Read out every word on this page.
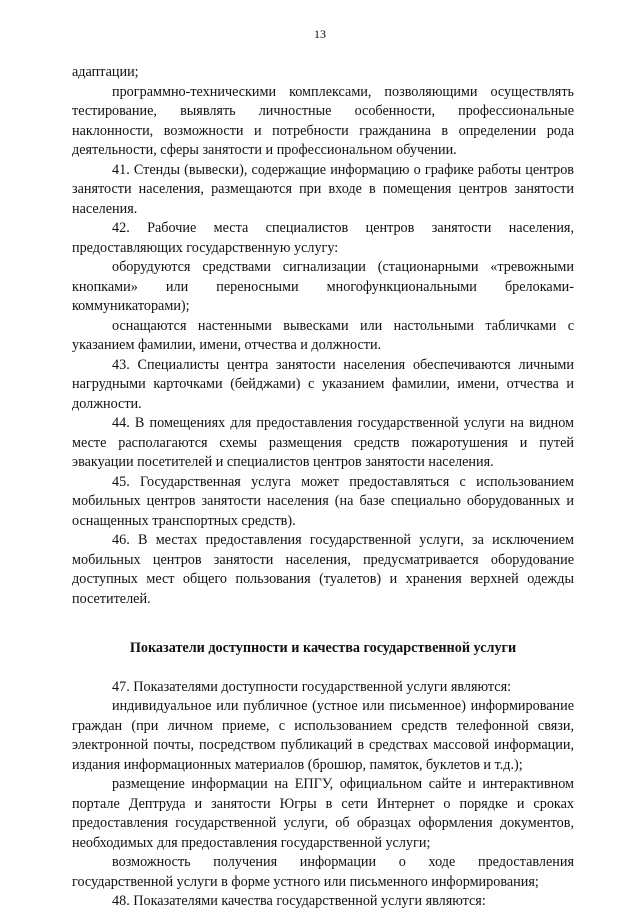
13

адаптации;

программно-техническими комплексами, позволяющими осуществлять тестирование, выявлять личностные особенности, профессиональные наклонности, возможности и потребности гражданина в определении рода деятельности, сферы занятости и профессиональном обучении.

41. Стенды (вывески), содержащие информацию о графике работы центров занятости населения, размещаются при входе в помещения центров занятости населения.

42. Рабочие места специалистов центров занятости населения, предоставляющих государственную услугу:

оборудуются средствами сигнализации (стационарными «тревожными кнопками» или переносными многофункциональными брелоками-коммуникаторами);

оснащаются настенными вывесками или настольными табличками с указанием фамилии, имени, отчества и должности.

43. Специалисты центра занятости населения обеспечиваются личными нагрудными карточками (бейджами) с указанием фамилии, имени, отчества и должности.

44. В помещениях для предоставления государственной услуги на видном месте располагаются схемы размещения средств пожаротушения и путей эвакуации посетителей и специалистов центров занятости населения.

45. Государственная услуга может предоставляться с использованием мобильных центров занятости населения (на базе специально оборудованных и оснащенных транспортных средств).

46. В местах предоставления государственной услуги, за исключением мобильных центров занятости населения, предусматривается оборудование доступных мест общего пользования (туалетов) и хранения верхней одежды посетителей.

Показатели доступности и качества государственной услуги

47. Показателями доступности государственной услуги являются:

индивидуальное или публичное (устное или письменное) информирование граждан (при личном приеме, с использованием средств телефонной связи, электронной почты, посредством публикаций в средствах массовой информации, издания информационных материалов (брошюр, памяток, буклетов и т.д.);

размещение информации на ЕПГУ, официальном сайте и интерактивном портале Дептруда и занятости Югры в сети Интернет о порядке и сроках предоставления государственной услуги, об образцах оформления документов, необходимых для предоставления государственной услуги;

возможность получения информации о ходе предоставления государственной услуги в форме устного или письменного информирования;

48. Показателями качества государственной услуги являются:
